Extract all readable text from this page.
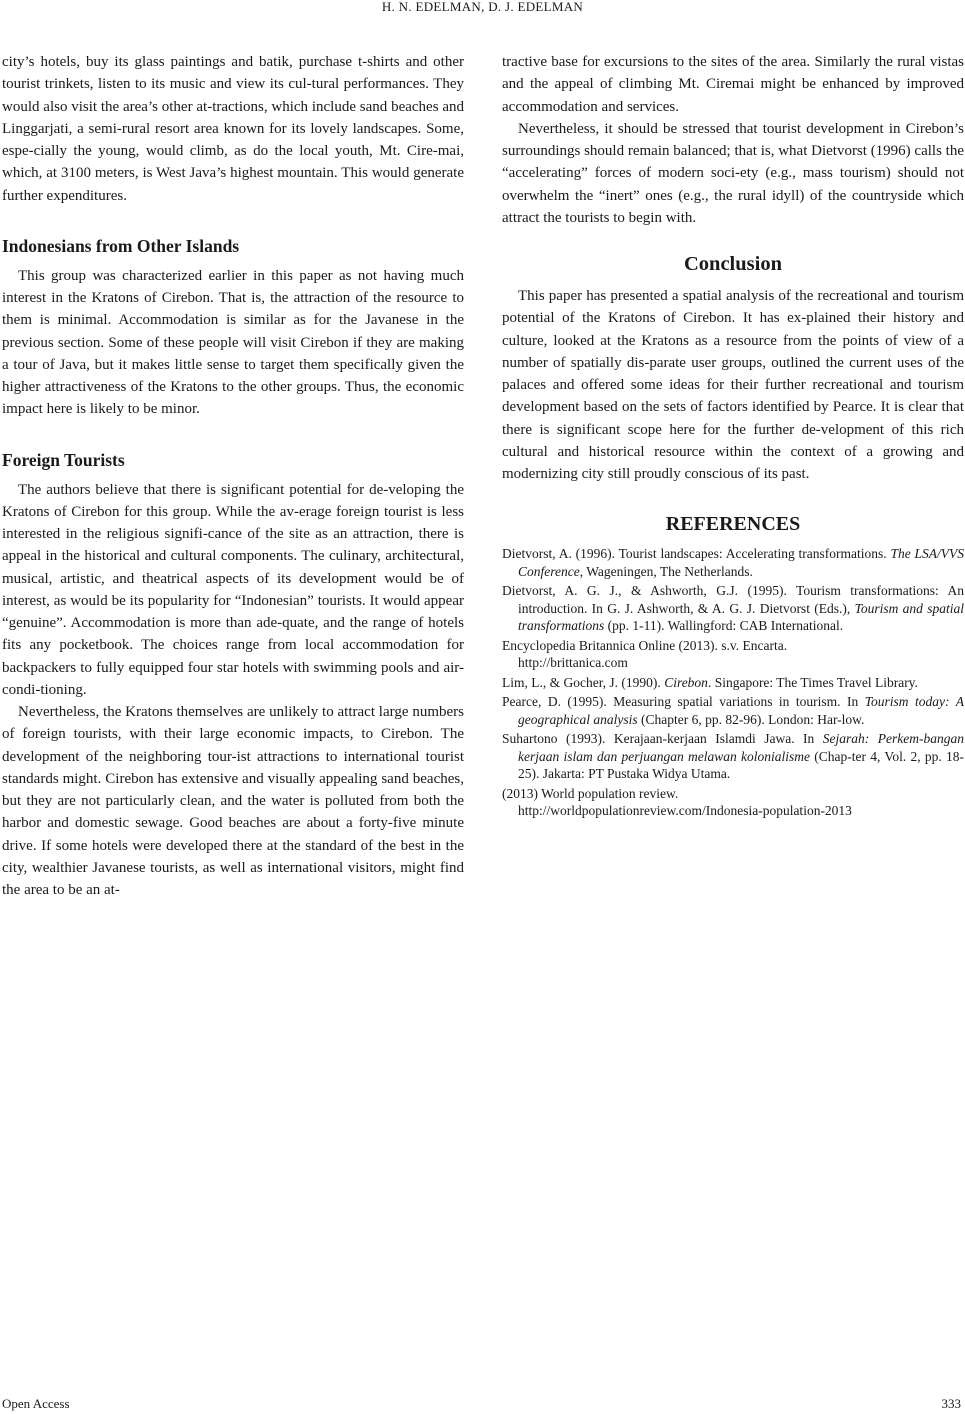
H. N. EDELMAN, D. J. EDELMAN

city’s hotels, buy its glass paintings and batik, purchase t-shirts and other tourist trinkets, listen to its music and view its cul-tural performances. They would also visit the area’s other at-tractions, which include sand beaches and Linggarjati, a semi-rural resort area known for its lovely landscapes. Some, espe-cially the young, would climb, as do the local youth, Mt. Cire-mai, which, at 3100 meters, is West Java’s highest mountain. This would generate further expenditures.

Indonesians from Other Islands

This group was characterized earlier in this paper as not having much interest in the Kratons of Cirebon. That is, the attraction of the resource to them is minimal. Accommodation is similar as for the Javanese in the previous section. Some of these people will visit Cirebon if they are making a tour of Java, but it makes little sense to target them specifically given the higher attractiveness of the Kratons to the other groups. Thus, the economic impact here is likely to be minor.

Foreign Tourists

The authors believe that there is significant potential for de-veloping the Kratons of Cirebon for this group. While the av-erage foreign tourist is less interested in the religious signifi-cance of the site as an attraction, there is appeal in the historical and cultural components. The culinary, architectural, musical, artistic, and theatrical aspects of its development would be of interest, as would be its popularity for “Indonesian” tourists. It would appear “genuine”. Accommodation is more than ade-quate, and the range of hotels fits any pocketbook. The choices range from local accommodation for backpackers to fully equipped four star hotels with swimming pools and air-condi-tioning.

Nevertheless, the Kratons themselves are unlikely to attract large numbers of foreign tourists, with their large economic impacts, to Cirebon. The development of the neighboring tour-ist attractions to international tourist standards might. Cirebon has extensive and visually appealing sand beaches, but they are not particularly clean, and the water is polluted from both the harbor and domestic sewage. Good beaches are about a forty-five minute drive. If some hotels were developed there at the standard of the best in the city, wealthier Javanese tourists, as well as international visitors, might find the area to be an at-

tractive base for excursions to the sites of the area. Similarly the rural vistas and the appeal of climbing Mt. Ciremai might be enhanced by improved accommodation and services.

Nevertheless, it should be stressed that tourist development in Cirebon’s surroundings should remain balanced; that is, what Dietvorst (1996) calls the “accelerating” forces of modern soci-ety (e.g., mass tourism) should not overwhelm the “inert” ones (e.g., the rural idyll) of the countryside which attract the tourists to begin with.

Conclusion

This paper has presented a spatial analysis of the recreational and tourism potential of the Kratons of Cirebon. It has ex-plained their history and culture, looked at the Kratons as a resource from the points of view of a number of spatially dis-parate user groups, outlined the current uses of the palaces and offered some ideas for their further recreational and tourism development based on the sets of factors identified by Pearce. It is clear that there is significant scope here for the further de-velopment of this rich cultural and historical resource within the context of a growing and modernizing city still proudly conscious of its past.

REFERENCES
Dietvorst, A. (1996). Tourist landscapes: Accelerating transformations. The LSA/VVS Conference, Wageningen, The Netherlands.
Dietvorst, A. G. J., & Ashworth, G.J. (1995). Tourism transformations: An introduction. In G. J. Ashworth, & A. G. J. Dietvorst (Eds.), Tourism and spatial transformations (pp. 1-11). Wallingford: CAB International.
Encyclopedia Britannica Online (2013). s.v. Encarta.
http://brittanica.com
Lim, L., & Gocher, J. (1990). Cirebon. Singapore: The Times Travel Library.
Pearce, D. (1995). Measuring spatial variations in tourism. In Tourism today: A geographical analysis (Chapter 6, pp. 82-96). London: Har-low.
Suhartono (1993). Kerajaan-kerjaan Islamdi Jawa. In Sejarah: Perkem-bangan kerjaan islam dan perjuangan melawan kolonialisme (Chap-ter 4, Vol. 2, pp. 18-25). Jakarta: PT Pustaka Widya Utama.
(2013) World population review.
http://worldpopulationreview.com/Indonesia-population-2013
Open Access	333
